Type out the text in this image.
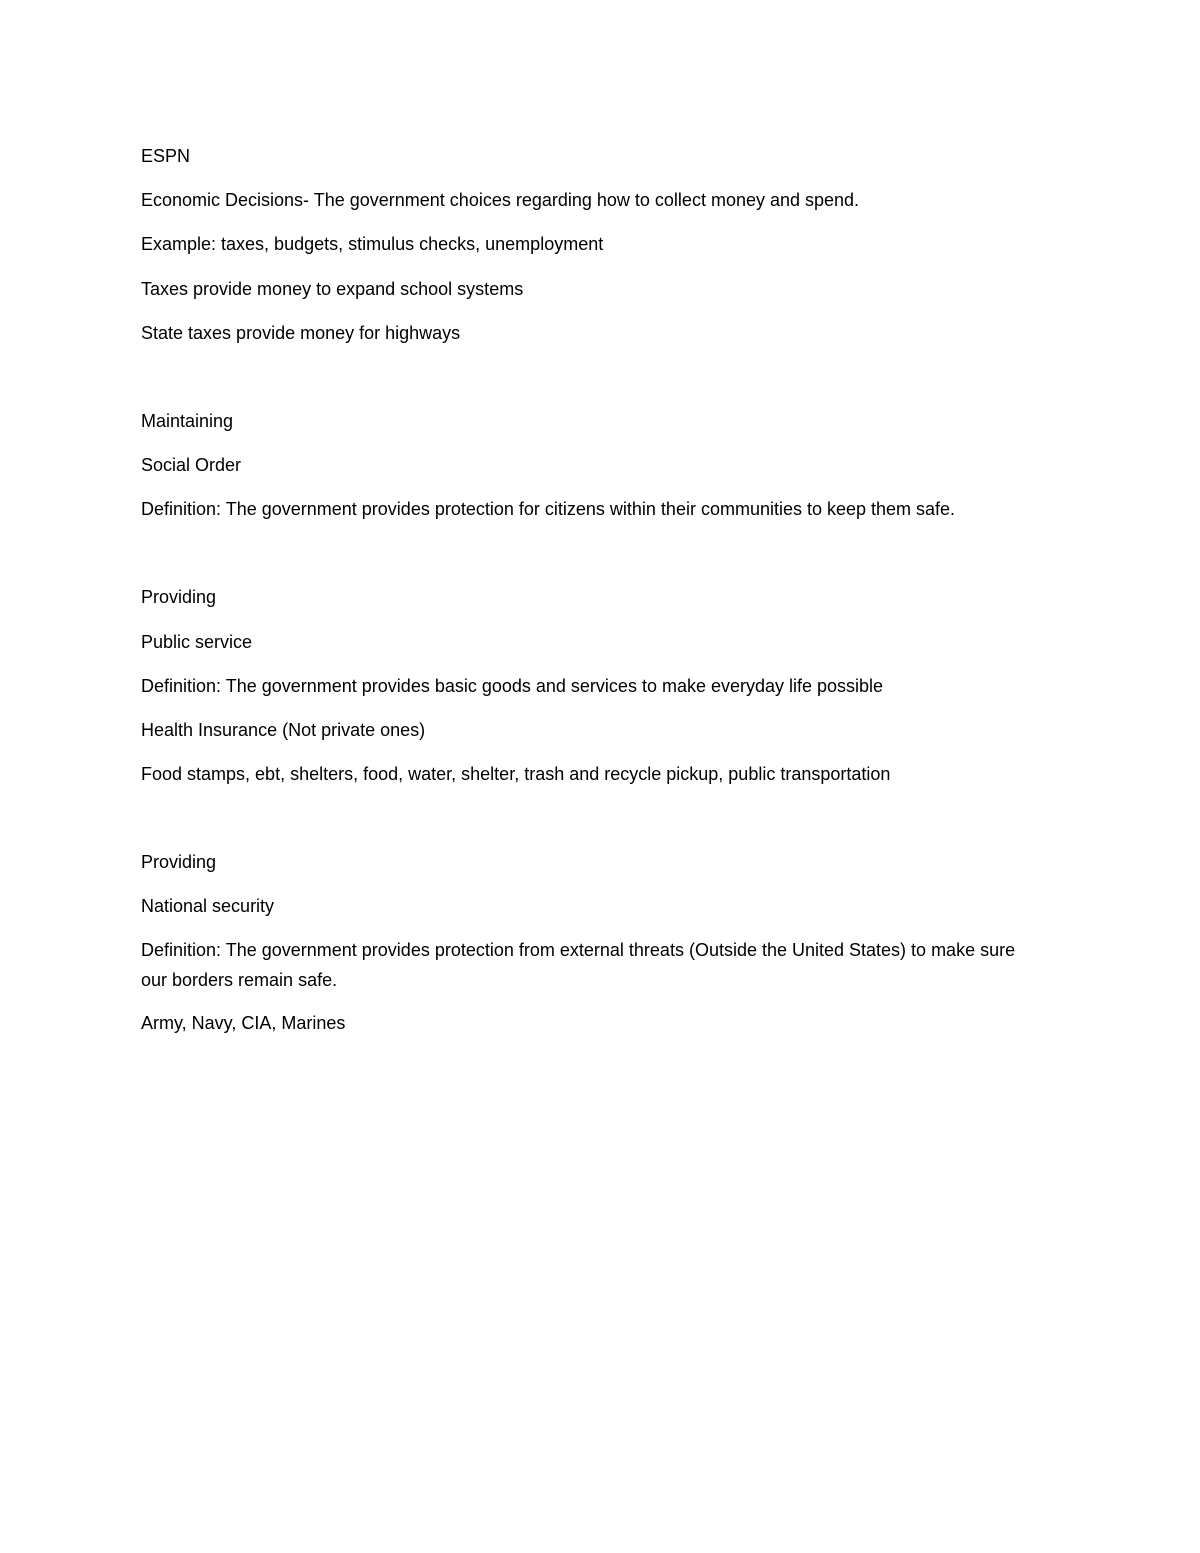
ESPN

Economic Decisions- The government choices regarding how to collect money and spend.

Example: taxes, budgets, stimulus checks, unemployment

Taxes provide money to expand school systems

State taxes provide money for highways

Maintaining

Social Order

Definition: The government provides protection for citizens within their communities to keep them safe.

Providing

Public service

Definition: The government provides basic goods and services to make everyday life possible

Health Insurance (Not private ones)

Food stamps, ebt, shelters, food, water, shelter, trash and recycle pickup, public transportation

Providing

National security

Definition: The government provides protection from external threats (Outside the United States) to make sure our borders remain safe.

Army, Navy, CIA, Marines
